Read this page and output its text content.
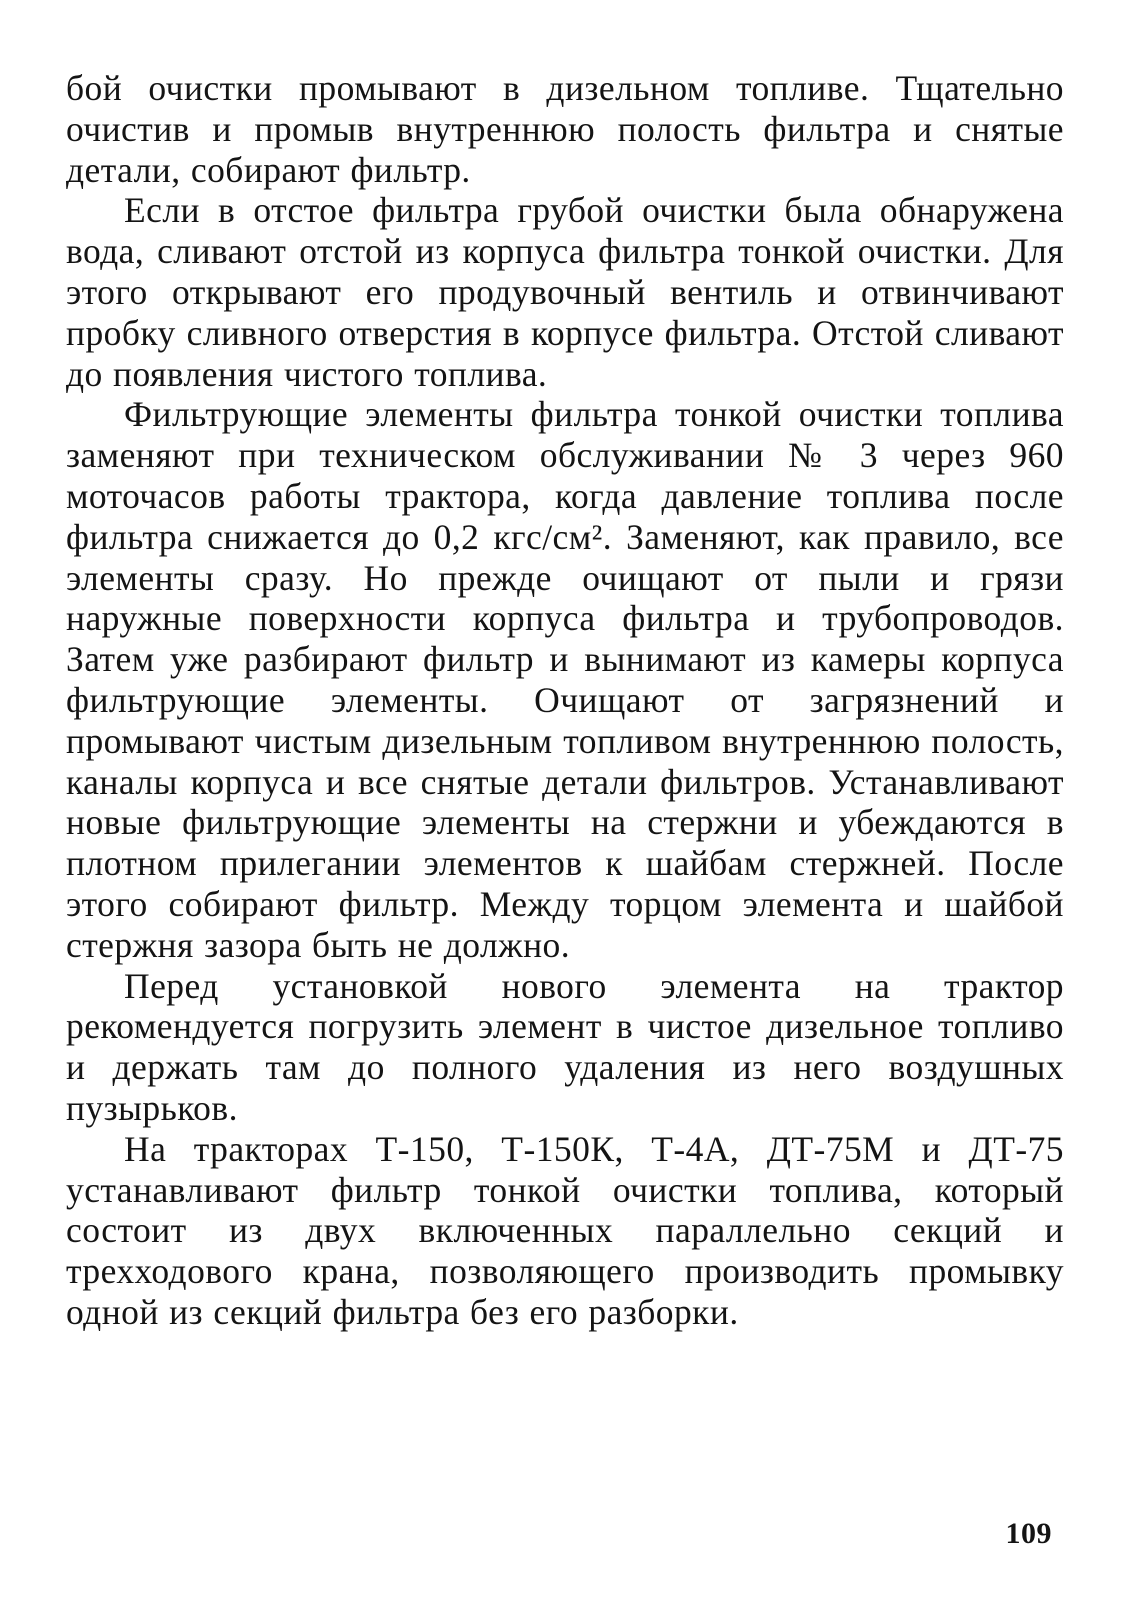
бой очистки промывают в дизельном топливе. Тщательно очистив и промыв внутреннюю полость фильтра и снятые детали, собирают фильтр.

Если в отстое фильтра грубой очистки была обнаружена вода, сливают отстой из корпуса фильтра тонкой очистки. Для этого открывают его продувочный вентиль и отвинчивают пробку сливного отверстия в корпусе фильтра. Отстой сливают до появления чистого топлива.

Фильтрующие элементы фильтра тонкой очистки топлива заменяют при техническом обслуживании № 3 через 960 моточасов работы трактора, когда давление топлива после фильтра снижается до 0,2 кгс/см². Заменяют, как правило, все элементы сразу. Но прежде очищают от пыли и грязи наружные поверхности корпуса фильтра и трубопроводов. Затем уже разбирают фильтр и вынимают из камеры корпуса фильтрующие элементы. Очищают от загрязнений и промывают чистым дизельным топливом внутреннюю полость, каналы корпуса и все снятые детали фильтров. Устанавливают новые фильтрующие элементы на стержни и убеждаются в плотном прилегании элементов к шайбам стержней. После этого собирают фильтр. Между торцом элемента и шайбой стержня зазора быть не должно.

Перед установкой нового элемента на трактор рекомендуется погрузить элемент в чистое дизельное топливо и держать там до полного удаления из него воздушных пузырьков.

На тракторах Т-150, Т-150К, Т-4А, ДТ-75М и ДТ-75 устанавливают фильтр тонкой очистки топлива, который состоит из двух включенных параллельно секций и трехходового крана, позволяющего производить промывку одной из секций фильтра без его разборки.

109
